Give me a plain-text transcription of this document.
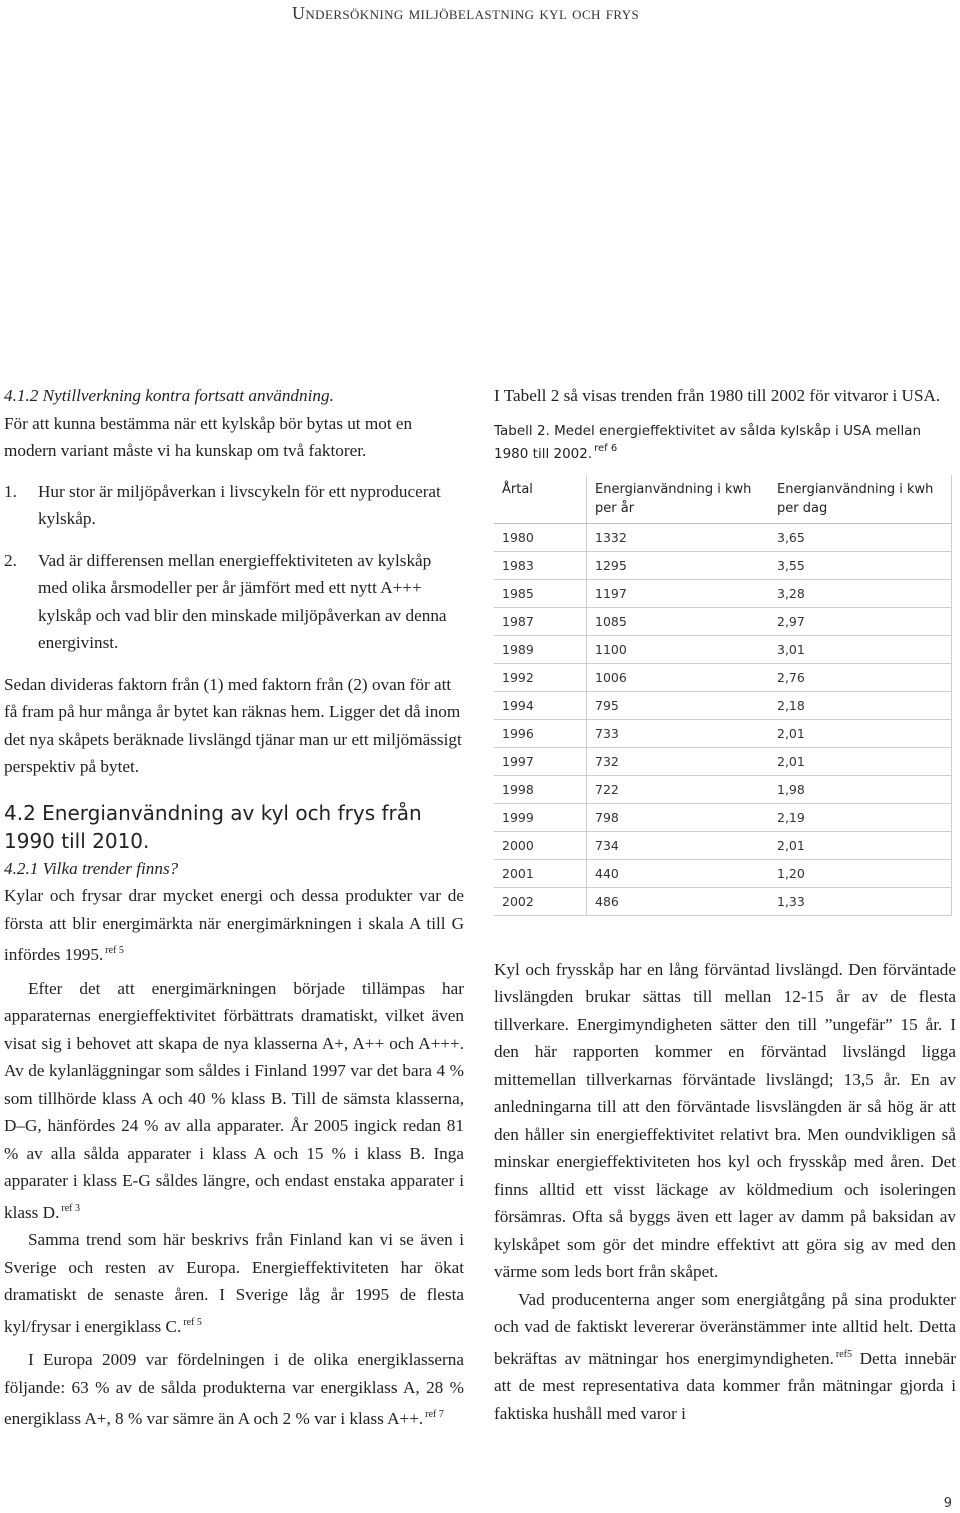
Undersökning miljöbelastning kyl och frys

4.1.2 Nytillverkning kontra fortsatt användning.

För att kunna bestämma när ett kylskåp bör bytas ut mot en modern variant måste vi ha kunskap om två faktorer.

1. Hur stor är miljöpåverkan i livscykeln för ett nyproducerat kylskåp.
2. Vad är differensen mellan energieffektiviteten av kylskåp med olika årsmodeller per år jämfört med ett nytt A+++ kylskåp och vad blir den minskade miljöpåverkan av denna energivinst.

Sedan divideras faktorn från (1) med faktorn från (2) ovan för att få fram på hur många år bytet kan räknas hem. Ligger det då inom det nya skåpets beräknade livslängd tjänar man ur ett miljömässigt perspektiv på bytet.

4.2 Energianvändning av kyl och frys från 1990 till 2010.

4.2.1 Vilka trender finns?

Kylar och frysar drar mycket energi och dessa produkter var de första att blir energimärkta när energimärkningen i skala A till G infördes 1995. $^{ref 5}$

Efter det att energimärkningen började tillämpas har apparaternas energieffektivitet förbättrats dramatiskt, vilket även visat sig i behovet att skapa de nya klasserna A+, A++ och A+++. Av de kylanläggningar som såldes i Finland 1997 var det bara 4 % som tillhörde klass A och 40 % klass B. Till de sämsta klasserna, D–G, hänfördes 24 % av alla apparater. År 2005 ingick redan 81 % av alla sålda apparater i klass A och 15 % i klass B. Inga apparater i klass E-G såldes längre, och endast enstaka apparater i klass D. $^{ref 3}$

Samma trend som här beskrivs från Finland kan vi se även i Sverige och resten av Europa. Energieffektiviteten har ökat dramatiskt de senaste åren. I Sverige låg år 1995 de flesta kyl/frysar i energiklass C. $^{ref 5}$

I Europa 2009 var fördelningen i de olika energiklasserna följande: 63 % av de sålda produkterna var energiklass A, 28 % energiklass A+, 8 % var sämre än A och 2 % var i klass A++. $^{ref 7}$

I Tabell 2 så visas trenden från 1980 till 2002 för vitvaror i USA.

Tabell 2. Medel energieffektivitet av sålda kylskåp i USA mellan 1980 till 2002. $^{ref 6}$

Årtal	Energianvändning i kwh per år	Energianvändning i kwh per dag
1980	1332	3,65
1983	1295	3,55
1985	1197	3,28
1987	1085	2,97
1989	1100	3,01
1992	1006	2,76
1994	795	2,18
1996	733	2,01
1997	732	2,01
1998	722	1,98
1999	798	2,19
2000	734	2,01
2001	440	1,20
2002	486	1,33

Kyl och frysskåp har en lång förväntad livslängd. Den förväntade livslängden brukar sättas till mellan 12-15 år av de flesta tillverkare. Energimyndigheten sätter den till ”ungefär” 15 år. I den här rapporten kommer en förväntad livslängd ligga mittemellan tillverkarnas förväntade livslängd; 13,5 år. En av anledningarna till att den förväntade lisvslängden är så hög är att den håller sin energieffektivitet relativt bra. Men oundvikligen så minskar energieffektiviteten hos kyl och frysskåp med åren. Det finns alltid ett visst läckage av köldmedium och isoleringen försämras. Ofta så byggs även ett lager av damm på baksidan av kylskåpet som gör det mindre effektivt att göra sig av med den värme som leds bort från skåpet.

Vad producenterna anger som energiåtgång på sina produkter och vad de faktiskt levererar överänstämmer inte alltid helt. Detta bekräftas av mätningar hos energimyndigheten. $^{ref5}$ Detta innebär att de mest representativa data kommer från mätningar gjorda i faktiska hushåll med varor i

9
